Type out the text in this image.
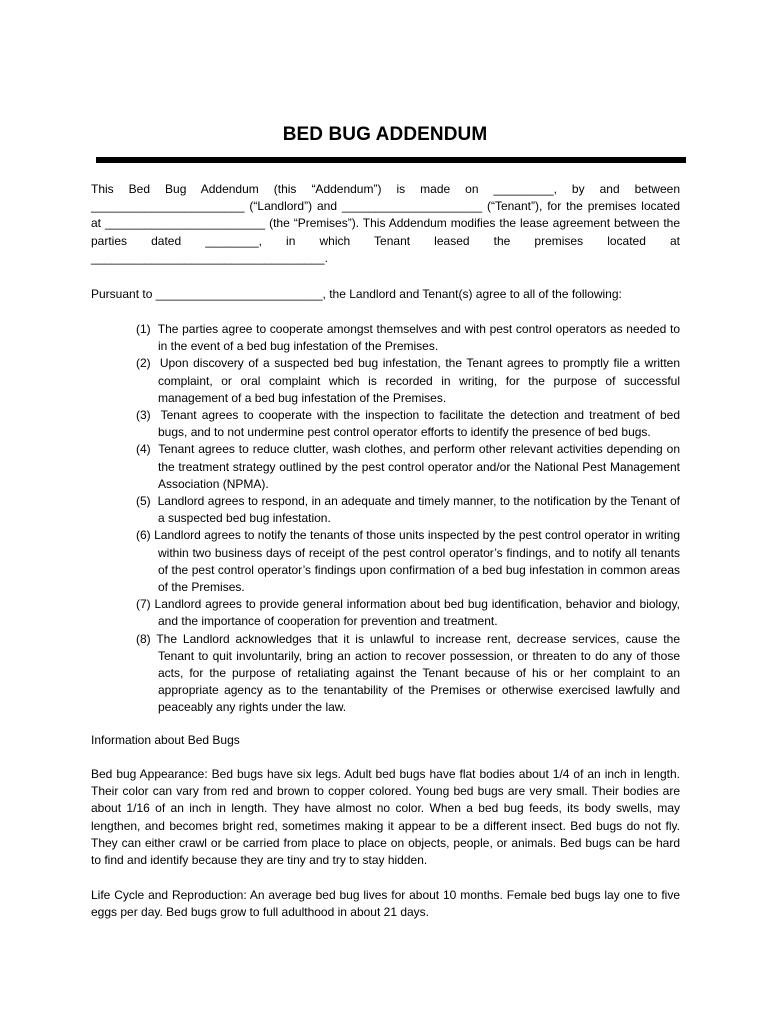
BED BUG ADDENDUM
This Bed Bug Addendum (this “Addendum”) is made on _________, by and between _______________________ (“Landlord”) and _____________________ (“Tenant”), for the premises located at ________________________ (the “Premises”). This Addendum modifies the lease agreement between the parties dated ________, in which Tenant leased the premises located at ___________________________________.
Pursuant to _________________________, the Landlord and Tenant(s) agree to all of the following:
(1)  The parties agree to cooperate amongst themselves and with pest control operators as needed to in the event of a bed bug infestation of the Premises.
(2)  Upon discovery of a suspected bed bug infestation, the Tenant agrees to promptly file a written complaint, or oral complaint which is recorded in writing, for the purpose of successful management of a bed bug infestation of the Premises.
(3)  Tenant agrees to cooperate with the inspection to facilitate the detection and treatment of bed bugs, and to not undermine pest control operator efforts to identify the presence of bed bugs.
(4)  Tenant agrees to reduce clutter, wash clothes, and perform other relevant activities depending on the treatment strategy outlined by the pest control operator and/or the National Pest Management Association (NPMA).
(5)  Landlord agrees to respond, in an adequate and timely manner, to the notification by the Tenant of a suspected bed bug infestation.
(6) Landlord agrees to notify the tenants of those units inspected by the pest control operator in writing within two business days of receipt of the pest control operator’s findings, and to notify all tenants of the pest control operator’s findings upon confirmation of a bed bug infestation in common areas of the Premises.
(7) Landlord agrees to provide general information about bed bug identification, behavior and biology, and the importance of cooperation for prevention and treatment.
(8) The Landlord acknowledges that it is unlawful to increase rent, decrease services, cause the Tenant to quit involuntarily, bring an action to recover possession, or threaten to do any of those acts, for the purpose of retaliating against the Tenant because of his or her complaint to an appropriate agency as to the tenantability of the Premises or otherwise exercised lawfully and peaceably any rights under the law.
Information about Bed Bugs
Bed bug Appearance: Bed bugs have six legs. Adult bed bugs have flat bodies about 1/4 of an inch in length. Their color can vary from red and brown to copper colored. Young bed bugs are very small. Their bodies are about 1/16 of an inch in length. They have almost no color. When a bed bug feeds, its body swells, may lengthen, and becomes bright red, sometimes making it appear to be a different insect. Bed bugs do not fly. They can either crawl or be carried from place to place on objects, people, or animals. Bed bugs can be hard to find and identify because they are tiny and try to stay hidden.
Life Cycle and Reproduction: An average bed bug lives for about 10 months. Female bed bugs lay one to five eggs per day. Bed bugs grow to full adulthood in about 21 days.
